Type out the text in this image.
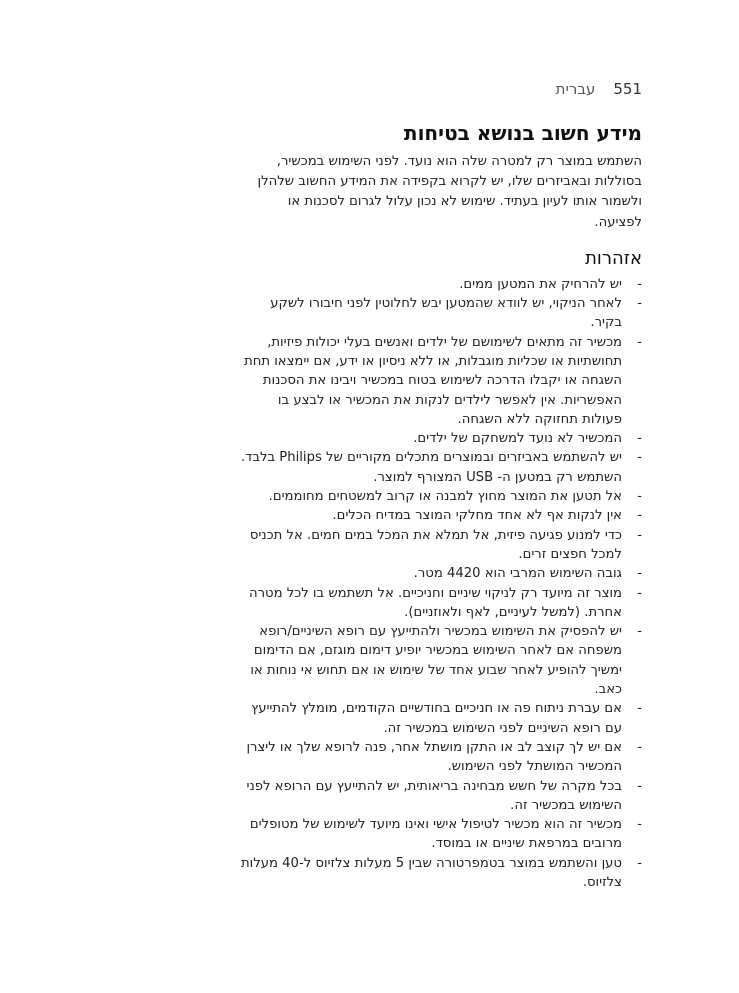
551
עברית
מידע חשוב בנושא בטיחות

השתמש במוצר רק למטרה שלה הוא נועד. לפני השימוש במכשיר, בסוללות ובאביזרים שלו, יש לקרוא בקפידה את המידע החשוב שלהלן ולשמור אותו לעיון בעתיד. שימוש לא נכון עלול לגרום לסכנות או לפציעה.

אזהרות
-
יש להרחיק את המטען ממים.
-
לאחר הניקוי, יש לוודא שהמטען יבש לחלוטין לפני חיבורו לשקע בקיר.
-
מכשיר זה מתאים לשימושם של ילדים ואנשים בעלי יכולות פיזיות, תחושתיות או שכליות מוגבלות, או ללא ניסיון או ידע, אם יימצאו תחת השגחה או יקבלו הדרכה לשימוש בטוח במכשיר ויבינו את הסכנות האפשריות. אין לאפשר לילדים לנקות את המכשיר או לבצע בו פעולות תחזוקה ללא השגחה.
-
המכשיר לא נועד למשחקם של ילדים.
-
יש להשתמש באביזרים ובמוצרים מתכלים מקוריים של Philips בלבד. השתמש רק במטען ה- USB המצורף למוצר.
-
אל תטען את המוצר מחוץ למבנה או קרוב למשטחים מחוממים.
-
אין לנקות אף לא אחד מחלקי המוצר במדיח הכלים.
-
כדי למנוע פגיעה פיזית, אל תמלא את המכל במים חמים. אל תכניס למכל חפצים זרים.
-
גובה השימוש המרבי הוא 4420 מטר.
-
מוצר זה מיועד רק לניקוי שיניים וחניכיים. אל תשתמש בו לכל מטרה אחרת. (למשל לעיניים, לאף ולאוזניים).
-
יש להפסיק את השימוש במכשיר ולהתייעץ עם רופא השיניים/רופא משפחה אם לאחר השימוש במכשיר יופיע דימום מוגזם, אם הדימום ימשיך להופיע לאחר שבוע אחד של שימוש או אם תחוש אי נוחות או כאב.
-
אם עברת ניתוח פה או חניכיים בחודשיים הקודמים, מומלץ להתייעץ עם רופא השיניים לפני השימוש במכשיר זה.
-
אם יש לך קוצב לב או התקן מושתל אחר, פנה לרופא שלך או ליצרן המכשיר המושתל לפני השימוש.
-
בכל מקרה של חשש מבחינה בריאותית, יש להתייעץ עם הרופא לפני השימוש במכשיר זה.
-
מכשיר זה הוא מכשיר לטיפול אישי ואינו מיועד לשימוש של מטופלים מרובים במרפאת שיניים או במוסד.
-
טען והשתמש במוצר בטמפרטורה שבין 5 מעלות צלזיוס ל-40 מעלות צלזיוס.
